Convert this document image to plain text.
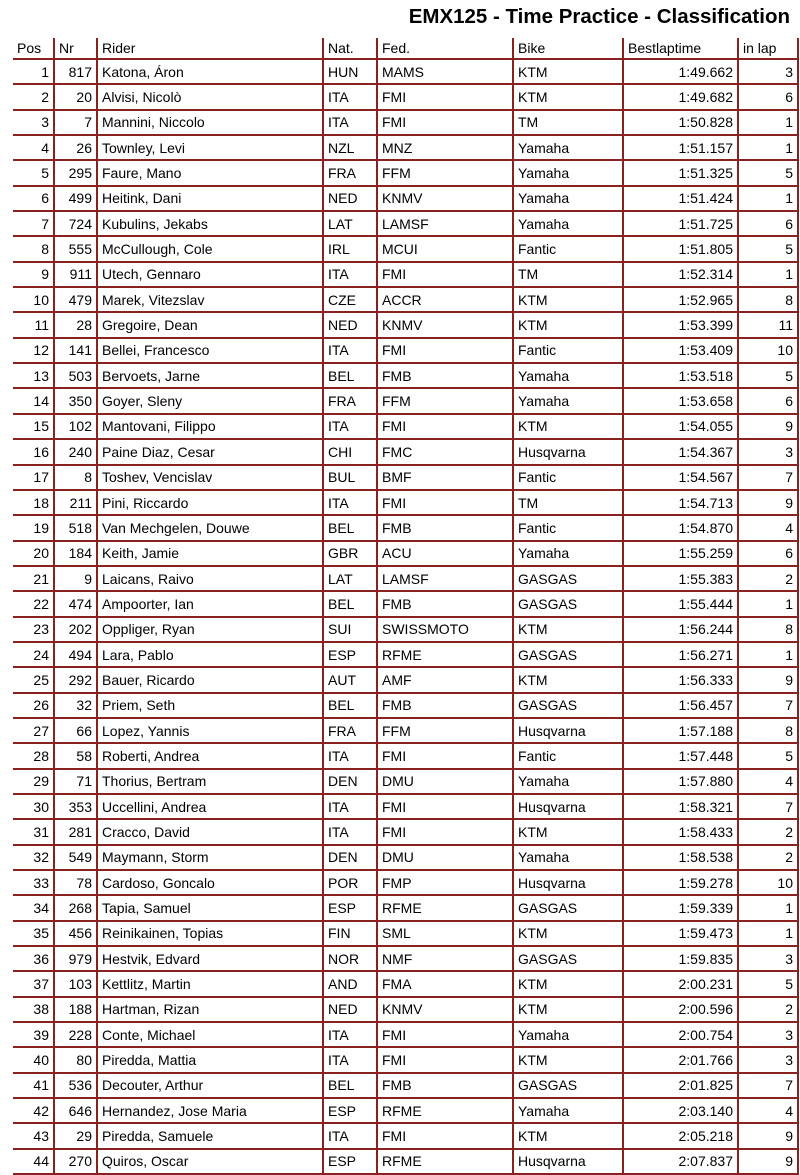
EMX125 - Time Practice - Classification
Pos	Nr	Rider	Nat.	Fed.	Bike	Bestlaptime	in lap
1	817	Katona, Áron	HUN	MAMS	KTM	1:49.662	3
2	20	Alvisi, Nicolò	ITA	FMI	KTM	1:49.682	6
3	7	Mannini, Niccolo	ITA	FMI	TM	1:50.828	1
4	26	Townley, Levi	NZL	MNZ	Yamaha	1:51.157	1
5	295	Faure, Mano	FRA	FFM	Yamaha	1:51.325	5
6	499	Heitink, Dani	NED	KNMV	Yamaha	1:51.424	1
7	724	Kubulins, Jekabs	LAT	LAMSF	Yamaha	1:51.725	6
8	555	McCullough, Cole	IRL	MCUI	Fantic	1:51.805	5
9	911	Utech, Gennaro	ITA	FMI	TM	1:52.314	1
10	479	Marek, Vitezslav	CZE	ACCR	KTM	1:52.965	8
11	28	Gregoire, Dean	NED	KNMV	KTM	1:53.399	11
12	141	Bellei, Francesco	ITA	FMI	Fantic	1:53.409	10
13	503	Bervoets, Jarne	BEL	FMB	Yamaha	1:53.518	5
14	350	Goyer, Sleny	FRA	FFM	Yamaha	1:53.658	6
15	102	Mantovani, Filippo	ITA	FMI	KTM	1:54.055	9
16	240	Paine Diaz, Cesar	CHI	FMC	Husqvarna	1:54.367	3
17	8	Toshev, Vencislav	BUL	BMF	Fantic	1:54.567	7
18	211	Pini, Riccardo	ITA	FMI	TM	1:54.713	9
19	518	Van Mechgelen, Douwe	BEL	FMB	Fantic	1:54.870	4
20	184	Keith, Jamie	GBR	ACU	Yamaha	1:55.259	6
21	9	Laicans, Raivo	LAT	LAMSF	GASGAS	1:55.383	2
22	474	Ampoorter, Ian	BEL	FMB	GASGAS	1:55.444	1
23	202	Oppliger, Ryan	SUI	SWISSMOTO	KTM	1:56.244	8
24	494	Lara, Pablo	ESP	RFME	GASGAS	1:56.271	1
25	292	Bauer, Ricardo	AUT	AMF	KTM	1:56.333	9
26	32	Priem, Seth	BEL	FMB	GASGAS	1:56.457	7
27	66	Lopez, Yannis	FRA	FFM	Husqvarna	1:57.188	8
28	58	Roberti, Andrea	ITA	FMI	Fantic	1:57.448	5
29	71	Thorius, Bertram	DEN	DMU	Yamaha	1:57.880	4
30	353	Uccellini, Andrea	ITA	FMI	Husqvarna	1:58.321	7
31	281	Cracco, David	ITA	FMI	KTM	1:58.433	2
32	549	Maymann, Storm	DEN	DMU	Yamaha	1:58.538	2
33	78	Cardoso, Goncalo	POR	FMP	Husqvarna	1:59.278	10
34	268	Tapia, Samuel	ESP	RFME	GASGAS	1:59.339	1
35	456	Reinikainen, Topias	FIN	SML	KTM	1:59.473	1
36	979	Hestvik, Edvard	NOR	NMF	GASGAS	1:59.835	3
37	103	Kettlitz, Martin	AND	FMA	KTM	2:00.231	5
38	188	Hartman, Rizan	NED	KNMV	KTM	2:00.596	2
39	228	Conte, Michael	ITA	FMI	Yamaha	2:00.754	3
40	80	Piredda, Mattia	ITA	FMI	KTM	2:01.766	3
41	536	Decouter, Arthur	BEL	FMB	GASGAS	2:01.825	7
42	646	Hernandez, Jose Maria	ESP	RFME	Yamaha	2:03.140	4
43	29	Piredda, Samuele	ITA	FMI	KTM	2:05.218	9
44	270	Quiros, Oscar	ESP	RFME	Husqvarna	2:07.837	9
